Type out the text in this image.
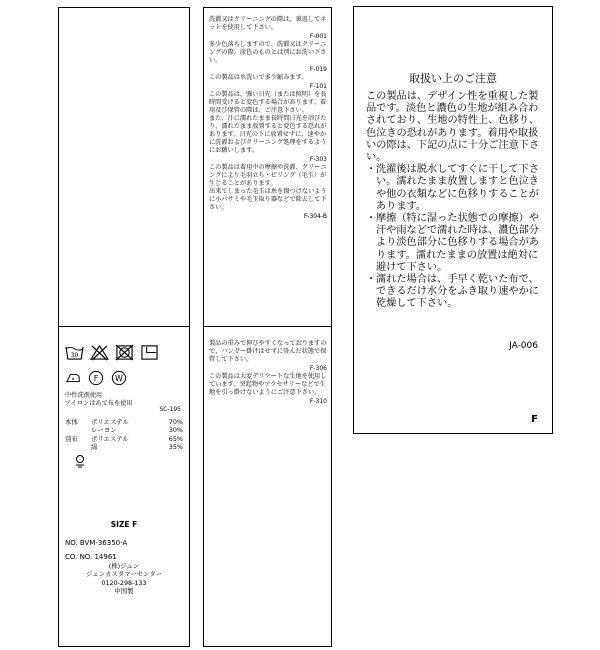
30
F W
中性洗剤使用
アイロンはあて布を使用
SC-195
本体	ポリエステル	70%
レーヨン	30%
別布	ポリエステル	65%
綿	35%
SIZE F
NO. BVM-36350-A
CO. NO. 14961
(株)ジュン
ジュンカスタマーセンター
0120-298-133
中国製
洗濯又はクリーニングの際は、裏返してネットを使用して下さい。
F-001
多少色落ちしますので、洗濯又はクリーニングの際、淡色のものとは別にお洗い下さい。
F-019
この製品は水洗いで多少縮みます。
F-101
この製品は、強い日光（または照明）を長時間受けると変色する場合があります。着用及び保管の際は、ご注意下さい。
また、汗に濡れたまま長時間日光を浴びたり、濡れたまま放置すると変色する恐れがあります。日光の下に放置せずに、速やかに洗濯およびクリーニング処理をするようにお願いします。
F-303
この製品は着用中の摩擦や洗濯、クリーニングにより毛羽立ち・ピリング（毛玉）が生じることがあります。
出来てしまった毛玉は糸を傷つけないように小バサミや毛玉取り器などで除去して下さい。
F-304-B
製品の重みで伸びやすくなっておりますので、ハンガー掛けはせずに畳んだ状態で保管して下さい。
F-306
この製品は大変デリケートな生地を使用しています。突起物やアクセサリーなどで生地を引っ掛けないようにご注意下さい。
F-310
取扱い上のご注意
この製品は、デザイン性を重視した製品です。淡色と濃色の生地が組み合わされており、生地の特性上、色移り、色泣きの恐れがあります。着用や取扱いの際は、下記の点に十分ご注意下さい。
・ 洗濯後は脱水してすぐに干して下さい。濡れたまま放置しますと色泣きや他の衣類などに色移りすることがあります。
・ 摩擦（特に湿った状態での摩擦）や汗や雨などで濡れた時は、濃色部分より淡色部分に色移りする場合があります。濡れたままの放置は絶対に避けて下さい。
・ 濡れた場合は、手早く乾いた布で、できるだけ水分をふき取り速やかに乾燥して下さい。
JA-006
F
